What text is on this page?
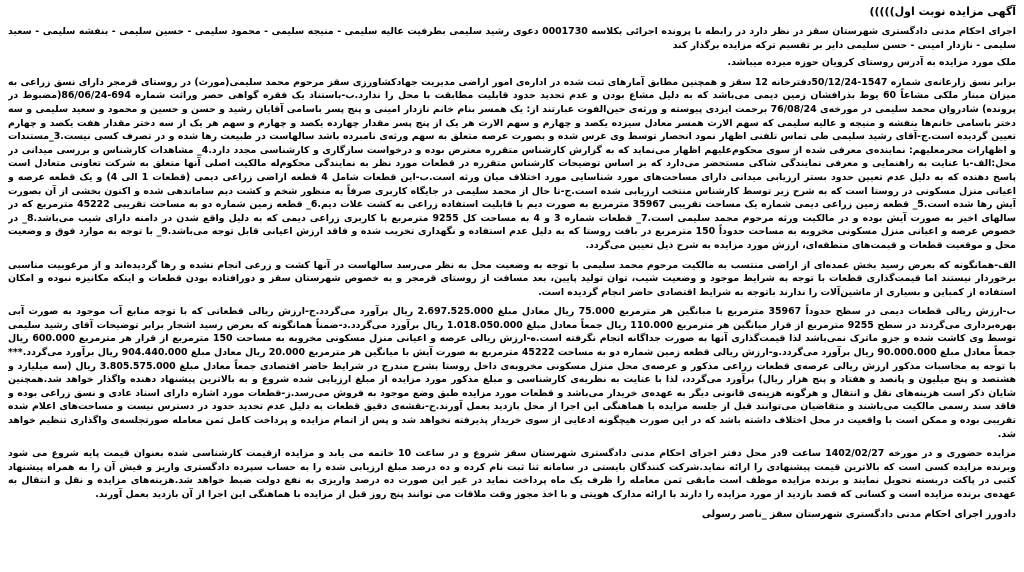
آگهی مزایده نوبت اول)))))
اجرای احکام مدنی دادگستری شهرستان سقز در نظر دارد در رابطه با پرونده اجرائی بکلاسه 0001730 دعوی رشید سلیمی بطرفیت عالیه سلیمی - منیجه سلیمی - محمود سلیمی - حسین سلیمی - بنفشه سلیمی - سعید سلیمی - نازدار امینی - حسن سلیمی دایر بر تقسیم ترکه مزایده برگذار کند
ملک مورد مزایده به آدرس روستای کرویان حوزه میرده میباشد.
برابر نسق زارعانه‌ی شماره 1547-50/12/24دفترخانه 12 سقز و همچنین مطابق آمارهای ثبت شده در اداره‌ی امور اراضی مدیریت جهادکشاورزی سقز مرحوم محمد سلیمی(مورث) در روستای قرمجر دارای نسق زراعی به میزان مبنار ملکی مشاعاً 60 یوط بذرافشان زمین دیمی می‌باشد که به دلیل مشاع بودن و عدم تحدید حدود قابلیت مطابقت با محل را ندارد.ب-باستناد یک فقره گواهی حصر وراثت شماره 694-86/06/24(مضبوط در پرونده) شادروان محمد سلیمی در مورخه‌ی 76/08/24 برحمت ایزدی پیوسته و ورثه‌ی حین‌الفوت عبارتند از: یک همسر بنام خانم نازدار امینی و پنج پسر باسامی آقایان رشید و حسن و حسین و محمود و سعید سلیمی و سه دختر باسامی خانم‌ها بنفشه و منیجه و عالیه سلیمی که سهم الارث همسر معادل سیزده یکصد و چهارم و سهم الارث هر یک از پنج پسر مقدار چهارده یکصد و چهارم و سهم هر یک از سه دختر مقدار هفت یکصد و چهارم تعیین گردیده است.ج-آقای رشید سلیمی طی تماس تلفنی اظهار نمود انحصار توسط وی غرس شده و بصورت عرصه متعلق به سهم ورثه‌ی نامبرده باشد سالهاست در طبیعت رها شده و در تصرف کسی نیست.3_مستندات و اظهارات محرمعلیهم: نماینده‌ی معرفی شده از سوی محکوم‌علیهم اظهار می‌نماید که به گزارش کارشناس متقرره معترض بوده و درخواست سازگاری و کارشناسی مجدد دارد.4_ مشاهدات کارشناس و بررسی میدانی در محل:الف-با عنایت به راهنمایی و معرفی نمایندگی شاکی مستحضر می‌دارد که بر اساس توضیحات کارشناس متقرره در قطعات مورد نظر به نمایندگی محکوم‌له مالکیت اصلی آنها متعلق به شرکت تعاونی متعادل است پاسخ دهنده که به دلیل عدم تعیین حدود بستر ارزیابی میدانی دارای مساحت‌های مورد شناسایی مورد اختلاف میان ورثه است.ب-این قطعات شامل 4 قطعه اراضی زراعی دیمی (قطعات 1 الی 4) و یک قطعه عرصه و اعیانی منزل مسکونی در روستا است که به شرح زیر توسط کارشناس منتخب ارزیابی شده است.ج-تا حال از محمد سلیمی در جایگاه کاربری صرفاً به منظور شخم و کشت دیم ساماندهی شده و اکنون بخشی از آن بصورت آیش رها شده است.5_ قطعه زمین زراعی دیمی شماره یک مساحت تقریبی 35967 مترمربع به صورت دیم با قابلیت استفاده زراعی به کشت غلات دیم.6_ قطعه زمین شماره دو به مساحت تقریبی 45222 مترمربع که در سالهای اخیر به صورت آیش بوده و در مالکیت ورثه مرحوم محمد سلیمی است.7_ قطعات شماره 3 و 4 به مساحت کل 9255 مترمربع با کاربری زراعی دیمی که به دلیل واقع شدن در دامنه دارای شیب می‌باشد.8_ در خصوص عرصه و اعیانی منزل مسکونی مخروبه به مساحت حدوداً 150 مترمربع در بافت روستا که به دلیل عدم استفاده و نگهداری تخریب شده و فاقد ارزش اعیانی قابل توجه می‌باشد.9_ با توجه به موارد فوق و وضعیت محل و موقعیت قطعات و قیمت‌های منطقه‌ای، ارزش مورد مزایده به شرح ذیل تعیین می‌گردد.
الف-همانگونه که بعرض رسید بخش عمده‌ای از اراضی منتسب به مالکیت مرحوم محمد سلیمی با توجه به وضعیت محل به نظر می‌رسد سالهاست در آنها کشت و زرعی انجام نشده و رها گردیده‌اند و از مرغوبیت مناسبی برخوردار نیستند اما قیمت‌گذاری قطعات با توجه به شرایط موجود و وضعیت شیب، توان تولید پایین، بعد مسافت از روستای قرمجر و به خصوص شهرستان سقز و دورافتاده بودن قطعات و اینکه مکانیزه نبوده و امکان استفاده از کمباین و بسیاری از ماشین‌آلات را ندارند باتوجه به شرایط اقتصادی حاضر انجام گردیده است.
ب-ارزش ریالی قطعات دیمی در سطح حدوداً 35967 مترمربع با مبانگین هر مترمربع 75.000 ریال معادل مبلغ 2.697.525.000 ریال برآورد می‌گردد.ج-ارزش ریالی قطعاتی که با توجه منابع آب موجود به صورت آبی بهره‌برداری می‌گردند در سطح 9255 مترمربع از قرار میانگین هر مترمربع 110.000 ریال جمعاً معادل مبلغ 1.018.050.000 ریال برآورد می‌گردد.د-ضمناً همانگونه که بعرض رسید اشجار برابر توضیحات آقای رشید سلیمی توسط وی کاشت شده و جزو ماترک نمی‌باشد لذا قیمت‌گذاری آنها به صورت جداگانه انجام نگرفته است.ه-ارزش ریالی عرصه و اعیانی منزل مسکونی مخروبه به مساحت 150 مترمربع از قرار هر مترمربع 600.000 ریال جمعاً معادل مبلغ 90.000.000 ریال برآورد می‌گردد.و-ارزش ریالی قطعه زمین شماره دو به مساحت 45222 مترمربع به صورت آیش با میانگین هر مترمربع 20.000 ریال معادل مبلغ 904.440.000 ریال برآورد می‌گردد.*** با توجه به محاسبات مذکور ارزش ریالی عرصه‌ی قطعات زراعی مذکور و عرصه‌ی محل منزل مسکونی مخروبه‌ی داخل روستا بشرح مندرج در شرایط حاضر اقتصادی جمعاً معادل مبلغ 3.805.575.000 ریال (سه میلیارد و هشتصد و پنج میلیون و پانصد و هفتاد و پنج هزار ریال) برآورد می‌گردد، لذا با عنایت به نظریه‌ی کارشناسی و مبلغ مذکور مورد مزایده از مبلغ ارزیابی شده شروع و به بالاترین پیشنهاد دهنده واگذار خواهد شد.همچنین شایان ذکر است هزینه‌های نقل و انتقال و هرگونه هزینه‌ی قانونی دیگر به عهده‌ی خریدار می‌باشد و قطعات مورد مزایده طبق وضع موجود به فروش می‌رسد.ز-قطعات مورد اشاره دارای اسناد عادی و نسق زراعی بوده و فاقد سند رسمی مالکیت می‌باشند و متقاضیان می‌توانند قبل از جلسه مزایده با هماهنگی این اجرا از محل بازدید بعمل آورند.ح-نقشه‌ی دقیق قطعات به دلیل عدم تحدید حدود در دسترس نیست و مساحت‌های اعلام شده تقریبی بوده و ممکن است با واقعیت در محل اختلاف داشته باشد که در این صورت هیچگونه ادعایی از سوی خریدار پذیرفته نخواهد شد و پس از اتمام مزایده و پرداخت کامل ثمن معامله صورتجلسه‌ی واگذاری تنظیم خواهد شد.
مزایده حضوری و در مورخه 1402/02/27 ساعت 9در محل دفتر اجرای احکام مدنی دادگستری شهرستان سقز شروع و در ساعت 10 خاتمه می یابد و مزایده ازقیمت کارشناسی شده بعنوان قیمت پایه شروع می شود وبرنده مزایده کسی است که بالاترین قیمت پیشنهادی را ارائه نماید.شرکت کنندگان بایستی در سامانه ثنا ثبت نام کرده و ده درصد مبلغ ارزیابی شده را به حساب سپرده دادگستری واریز و فیش آن را به همراه پیشنهاد کتبی در پاکت دربسته تحویل نمایند و برنده مزایده موظف است مابقی ثمن معامله را ظرف یک ماه پرداخت نماید در غیر این صورت ده درصد واریزی به نفع دولت ضبط خواهد شد.هزینه‌های مزایده و نقل و انتقال به عهده‌ی برنده مزایده است و کسانی که قصد بازدید از مورد مزایده را دارند با ارائه مدارک هویتی و با اخذ مجوز وقت ملاقات می توانند پنج روز قبل از مزایده با هماهنگی این اجرا از آن بازدید بعمل آورند.
دادورز اجرای احکام مدنی دادگستری شهرستان سقز _ناصر رسولی
